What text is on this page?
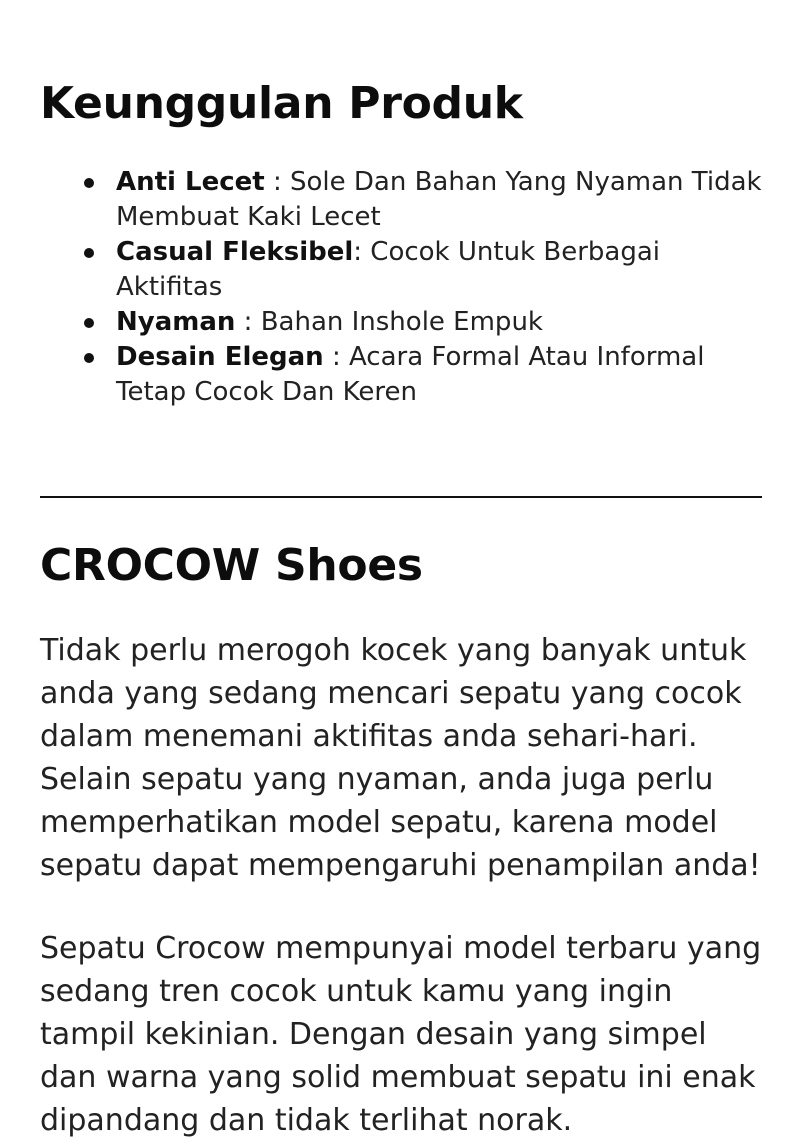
Keunggulan Produk
Anti Lecet : Sole Dan Bahan Yang Nyaman Tidak Membuat Kaki Lecet
Casual Fleksibel: Cocok Untuk Berbagai Aktifitas
Nyaman : Bahan Inshole Empuk
Desain Elegan : Acara Formal Atau Informal Tetap Cocok Dan Keren
CROCOW Shoes

Tidak perlu merogoh kocek yang banyak untuk anda yang sedang mencari sepatu yang cocok dalam menemani aktifitas anda sehari-hari. Selain sepatu yang nyaman, anda juga perlu memperhatikan model sepatu, karena model sepatu dapat mempengaruhi penampilan anda!

Sepatu Crocow mempunyai model terbaru yang sedang tren cocok untuk kamu yang ingin tampil kekinian. Dengan desain yang simpel dan warna yang solid membuat sepatu ini enak dipandang dan tidak terlihat norak.
